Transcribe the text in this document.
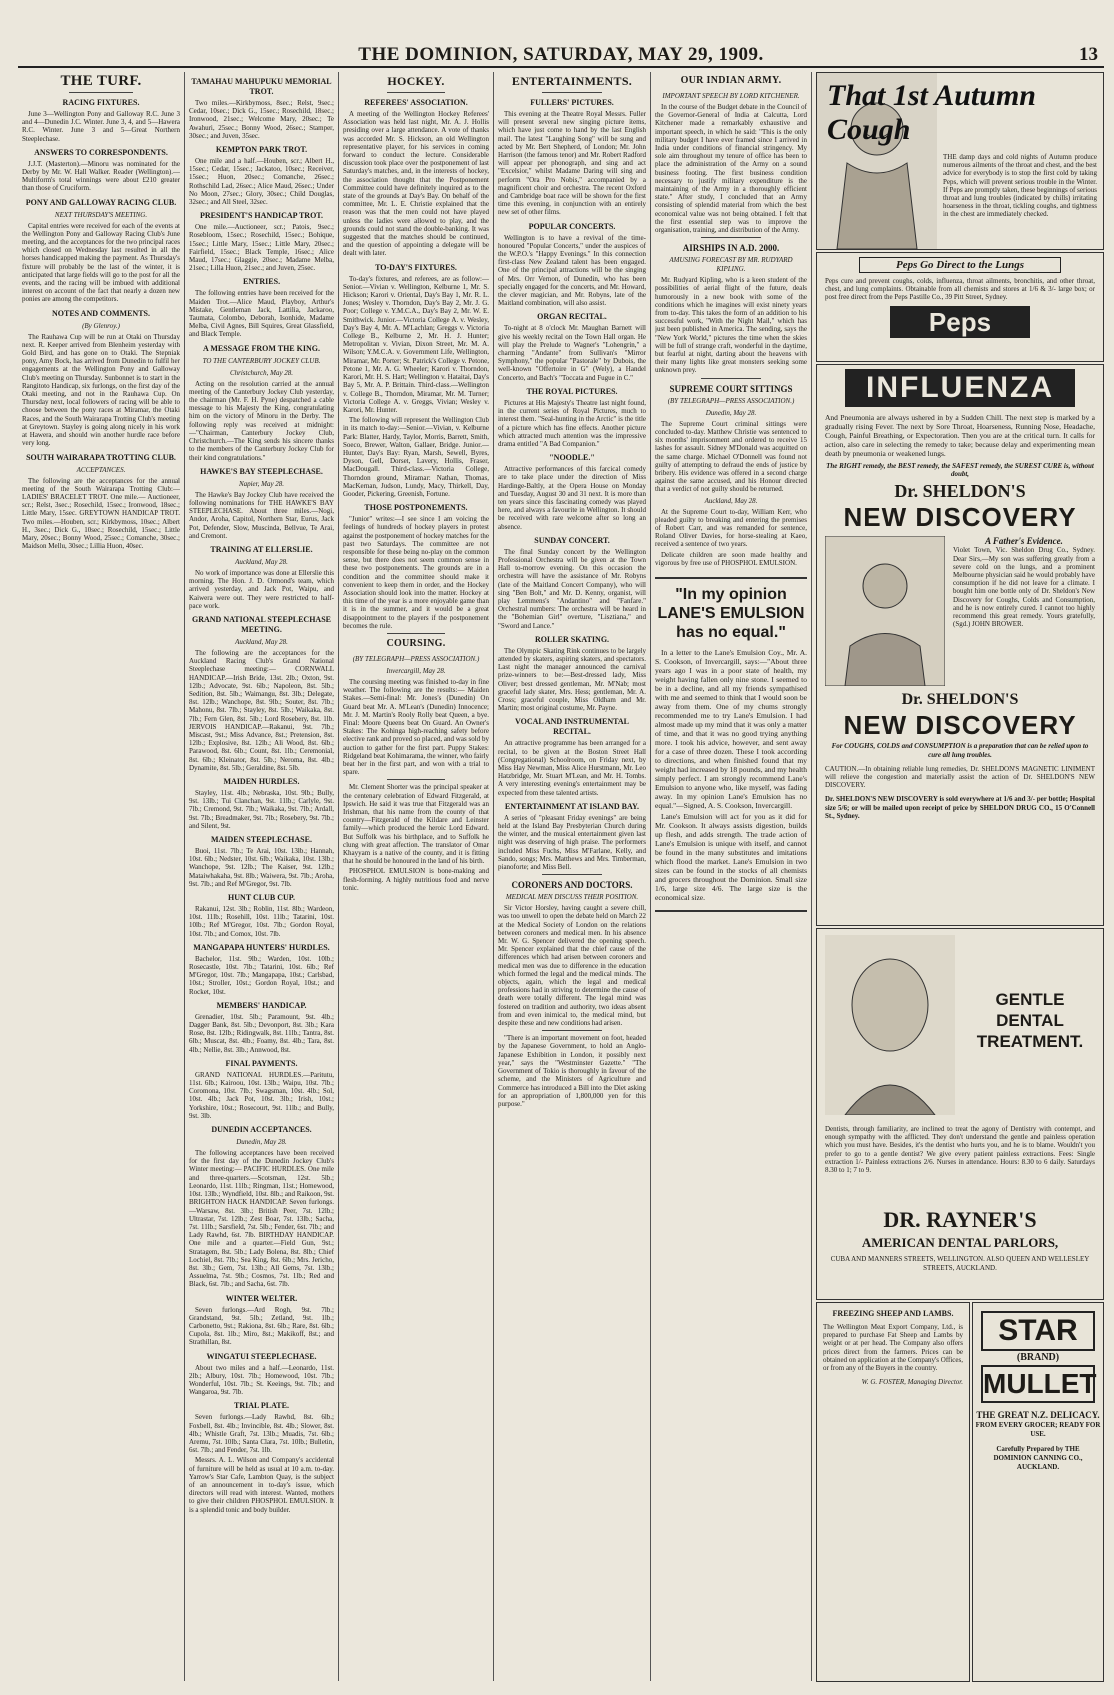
THE DOMINION, SATURDAY, MAY 29, 1909.	13
THE TURF.
RACING FIXTURES.

June 3—Wellington Pony and Galloway R.C. June 3 and 4—Dunedin J.C. Winter. June 3, 4, and 5—Hawera R.C. Winter. June 3 and 5—Great Northern Steeplechase.

ANSWERS TO CORRESPONDENTS.

J.J.T. (Masterton).—Minoru was nominated for the Derby by Mr. W. Hall Walker. Reader (Wellington).—Multiform's total winnings were about £210 greater than those of Cruciform.

PONY AND GALLOWAY RACING CLUB.
NEXT THURSDAY'S MEETING.

Capital entries were received for each of the events at the Wellington Pony and Galloway Racing Club's June meeting, and the acceptances for the two principal races which closed on Wednesday last resulted in all the horses handicapped making the payment. As Thursday's fixture will probably be the last of the winter, it is anticipated that large fields will go to the post for all the events, and the racing will be imbued with additional interest on account of the fact that nearly a dozen new ponies are among the competitors.

NOTES AND COMMENTS.
(By Glenroy.)

The Rauhawa Cup will be run at Otaki on Thursday next. R. Keeper arrived from Blenheim yesterday with Gold Bird, and has gone on to Otaki. The Stepniak pony, Amy Bock, has arrived from Dunedin to fulfil her engagements at the Wellington Pony and Galloway Club's meeting on Thursday. Sunbonnet is to start in the Rangitoto Handicap, six furlongs, on the first day of the Otaki meeting, and not in the Rauhawa Cup. On Thursday next, local followers of racing will be able to choose between the pony races at Miramar, the Otaki Races, and the South Wairarapa Trotting Club's meeting at Greytown. Stayley is going along nicely in his work at Hawera, and should win another hurdle race before very long.

SOUTH WAIRARAPA TROTTING CLUB.
ACCEPTANCES.

The following are the acceptances for the annual meeting of the South Wairarapa Trotting Club:— LADIES' BRACELET TROT. One mile.— Auctioneer, scr.; Relst, 3sec.; Rosechild, 15sec.; Ironwood, 18sec.; Little Mary, 15sec. GREYTOWN HANDICAP TROT. Two miles.—Houben, scr.; Kirkbymoss, 10sec.; Albert H., 3sec.; Dick G., 10sec.; Rosechild, 15sec.; Little Mary, 20sec.; Bonny Wood, 25sec.; Comanche, 30sec.; Maidson Mellu, 30sec.; Lillia Huon, 40sec.

TAMAHAU MAHUPUKU MEMORIAL TROT.

Two miles.—Kirkbymoss, 8sec.; Relst, 9sec.; Cedar, 10sec.; Dick G., 15sec.; Rosechild, 18sec.; Ironwood, 21sec.; Welcome Mary, 20sec.; Te Awahuri, 25sec.; Bonny Wood, 26sec.; Stamper, 30sec.; and Juven, 35sec.

KEMPTON PARK TROT.

One mile and a half.—Houben, scr.; Albert H., 15sec.; Cedar, 15sec.; Jackatoo, 10sec.; Receiver, 15sec.; Huon, 20sec.; Comanche, 26sec.; Rothschild Lad, 26sec.; Alice Maud, 26sec.; Under No Moon, 27sec.; Glory, 30sec.; Child Douglas, 32sec.; and All Steel, 32sec.

PRESIDENT'S HANDICAP TROT.

One mile.—Auctioneer, scr.; Patois, 9sec.; Rosebloom, 15sec.; Rosechild, 15sec.; Bohique, 15sec.; Little Mary, 15sec.; Little Mary, 20sec.; Fairfield, 15sec.; Black Temple, 16sec.; Alice Maud, 17sec.; Glaggie, 20sec.; Madame Melba, 21sec.; Lilla Huon, 21sec.; and Juven, 25sec.

ENTRIES.

The following entries have been received for the Maiden Trot.—Alice Maud, Playboy, Arthur's Mistake, Gentleman Jack, Lattilia, Jackaroo, Taumata, Colombo, Deborah, Isonhide, Madame Melba, Civil Agnes, Bill Squires, Great Glassfield, and Black Temple.

A MESSAGE FROM THE KING.
TO THE CANTERBURY JOCKEY CLUB.
Christchurch, May 28.

Acting on the resolution carried at the annual meeting of the Canterbury Jockey Club yesterday, the chairman (Mr. F. H. Pyne) despatched a cable message to his Majesty the King, congratulating him on the victory of Minoru in the Derby. The following reply was received at midnight:—"Chairman, Canterbury Jockey Club, Christchurch.—The King sends his sincere thanks to the members of the Canterbury Jockey Club for their kind congratulations."

HAWKE'S BAY STEEPLECHASE.
Napier, May 28.

The Hawke's Bay Jockey Club have received the following nominations for THE HAWKE'S BAY STEEPLECHASE. About three miles.—Nogi, Andor, Aroha, Capitol, Northern Star, Eurus, Jack Pot, Defender, Slow, Muscinda, Bellvue, Te Arai, and Cremont.

TRAINING AT ELLERSLIE.
Auckland, May 28.

No work of importance was done at Ellerslie this morning. The Hon. J. D. Ormond's team, which arrived yesterday, and Jack Pot, Waipu, and Kaiwera were out. They were restricted to half-pace work.

GRAND NATIONAL STEEPLECHASE MEETING.
Auckland, May 28.

The following are the acceptances for the Auckland Racing Club's Grand National Steeplechase meeting:— CORNWALL HANDICAP.—Irish Bride, 13st. 2lb.; Oxton, 9st. 12lb.; Advocate, 9st. 6lb.; Napoleon, 8st. 5lb.; Sedition, 8st. 5lb.; Waimangu, 8st. 3lb.; Delegate, 8st. 12lb.; Wanchope, 8st. 9lb.; Souter, 8st. 7lb.; Mahonu, 8st. 7lb.; Stayley, 8st. 5lb.; Waikaka, 8st. 7lb.; Fern Glen, 8st. 5lb.; Lord Rosebery, 8st. 1lb. JERVOIS HANDICAP.—Rakanui, 9st. 7lb.; Miscast, 9st.; Miss Advance, 8st.; Pretension, 8st. 12lb.; Explosive, 8st. 12lb.; Ali Wood, 8st. 6lb.; Parawood, 8st. 6lb.; Count, 8st. 1lb.; Ceremonial, 8st. 6lb.; Kleinator, 8st. 5lb.; Neroma, 8st. 4lb.; Dynamite, 8st. 5lb.; Geraldine, 8st. 5lb.

MAIDEN HURDLES.

Stayley, 11st. 4lb.; Nebraska, 10st. 9lb.; Bully, 9st. 13lb.; Tui Clanchan, 9st. 11lb.; Carlyle, 9st. 7lb.; Cremond, 9st. 7lb.; Waikaka, 9st. 7lb.; Ardall, 9st. 7lb.; Breadmaker, 9st. 7lb.; Rosebery, 9st. 7lb.; and Silent, 9st.

MAIDEN STEEPLECHASE.

Buoi, 11st. 7lb.; Te Arai, 10st. 13lb.; Hannah, 10st. 6lb.; Nedster, 10st. 6lb.; Waikaka, 10st. 13lb.; Wanchope, 9st. 12lb.; The Kaiser, 9st. 12lb.; Mataiwhakaha, 9st. 8lb.; Waiwera, 9st. 7lb.; Aroha, 9st. 7lb.; and Ref M'Gregor, 9st. 7lb.

HUNT CLUB CUP.

Rakanui, 12st. 3lb.; Roblin, 11st. 8lb.; Wardeon, 10st. 11lb.; Rosehill, 10st. 11lb.; Tatarini, 10st. 10lb.; Ref M'Gregor, 10st. 7lb.; Gordon Royal, 10st. 7lb.; and Comox, 10st. 7lb.

MANGAPAPA HUNTERS' HURDLES.

Bachelor, 11st. 9lb.; Warden, 10st. 10lb.; Rosecastle, 10st. 7lb.; Tatarini, 10st. 6lb.; Ref M'Gregor, 10st. 7lb.; Mangapapa, 10st.; Carlsbad, 10st.; Stroller, 10st.; Gordon Royal, 10st.; and Rocket, 10st.

MEMBERS' HANDICAP.

Grenadier, 10st. 5lb.; Paramount, 9st. 4lb.; Dagger Bank, 8st. 5lb.; Devonport, 8st. 3lb.; Kara Rose, 8st. 12lb.; Ridingwalk, 8st. 11lb.; Tantra, 8st. 6lb.; Muscat, 8st. 4lb.; Foamy, 8st. 4lb.; Tara, 8st. 4lb.; Nellie, 8st. 3lb.; Annwood, 8st.

FINAL PAYMENTS.

GRAND NATIONAL HURDLES.—Paritutu, 11st. 6lb.; Kairoou, 10st. 13lb.; Waipu, 10st. 7lb.; Coromona, 10st. 7lb.; Swagsman, 10st. 4lb.; Sol, 10st. 4lb.; Jack Pot, 10st. 3lb.; Irish, 10st.; Yorkshire, 10st.; Rosecourt, 9st. 11lb.; and Bully, 9st. 3lb.

DUNEDIN ACCEPTANCES.
Dunedin, May 28.

The following acceptances have been received for the first day of the Dunedin Jockey Club's Winter meeting:— PACIFIC HURDLES. One mile and three-quarters.—Scotsman, 12st. 5lb.; Leonardo, 11st. 11lb.; Ringman, 11st.; Homewood, 10st. 13lb.; Wyndfield, 10st. 8lb.; and Raikoon, 9st. BRIGHTON HACK HANDICAP. Seven furlongs.—Warsaw, 8st. 3lb.; British Peer, 7st. 12lb.; Ultrastar, 7st. 12lb.; Zest Boar, 7st. 13lb.; Sacha, 7st. 11lb.; Sarsfield, 7st. 5lb.; Fender, 6st. 7lb.; and Lady Rawhd, 6st. 7lb. BIRTHDAY HANDICAP. One mile and a quarter.—Field Gun, 9st.; Stratagem, 8st. 5lb.; Lady Bolena, 8st. 8lb.; Chief Lochiel, 8st. 7lb.; Sea King, 8st. 6lb.; Mrs. Jericho, 8st. 3lb.; Gem, 7st. 13lb.; All Gems, 7st. 13lb.; Assuelma, 7st. 9lb.; Cosmos, 7st. 1lb.; Red and Black, 6st. 7lb.; and Sacha, 6st. 7lb.

WINTER WELTER.

Seven furlongs.—Ard Rogh, 9st. 7lb.; Grandstand, 9st. 5lb.; Zetland, 9st. 1lb.; Carbonetto, 9st.; Rakiona, 8st. 6lb.; Rare, 8st. 6lb.; Cupola, 8st. 1lb.; Miro, 8st.; Makikoff, 8st.; and Strathillan, 8st.

WINGATUI STEEPLECHASE.

About two miles and a half.—Leonardo, 11st. 2lb.; Albury, 10st. 7lb.; Homewood, 10st. 7lb.; Wonderful, 10st. 7lb.; St. Keeings, 9st. 7lb.; and Wangaroa, 9st. 7lb.

TRIAL PLATE.

Seven furlongs.—Lady Rawhd, 8st. 6lb.; Foxbell, 8st. 4lb.; Invincible, 8st. 4lb.; Slower, 8st. 4lb.; Whistle Graft, 7st. 13lb.; Muadis, 7st. 6lb.; Aremu, 7st. 10lb.; Santa Clara, 7st. 10lb.; Bulletin, 6st. 7lb.; and Fender, 7st. 1lb.

Messrs. A. L. Wilson and Company's accidental of furniture will be held as usual at 10 a.m. to-day. Yarrow's Star Cafe, Lambton Quay, is the subject of an announcement in to-day's issue, which directors will read with interest. Wanted, mothers to give their children PHOSPHOL EMULSION. It is a splendid tonic and body builder.

HOCKEY.
REFEREES' ASSOCIATION.

A meeting of the Wellington Hockey Referees' Association was held last night, Mr. A. J. Hollis presiding over a large attendance. A vote of thanks was accorded Mr. S. Hickson, an old Wellington representative player, for his services in coming forward to conduct the lecture. Considerable discussion took place over the postponement of last Saturday's matches, and, in the interests of hockey, the association thought that the Postponement Committee could have definitely inquired as to the state of the grounds at Day's Bay. On behalf of the committee, Mr. L. E. Christie explained that the reason was that the men could not have played unless the ladies were allowed to play, and the grounds could not stand the double-banking. It was suggested that the matches should be continued, and the question of appointing a delegate will be dealt with later.

TO-DAY'S FIXTURES.

To-day's fixtures, and referees, are as follow:— Senior.—Vivian v. Wellington, Kelburne 1, Mr. S. Hickson; Karori v. Oriental, Day's Bay 1, Mr. R. L. Jones; Wesley v. Thorndon, Day's Bay 2, Mr. J. G. Poor; College v. Y.M.C.A., Day's Bay 2, Mr. W. E. Smithwick. Junior.—Victoria College A. v. Wesley, Day's Bay 4, Mr. A. M'Lachlan; Greggs v. Victoria College B., Kelburne 2, Mr. H. J. Hunter; Metropolitan v. Vivian, Dixon Street, Mr. M. A. Wilson; Y.M.C.A. v. Government Life, Wellington, Miramar, Mr. Porter; St. Patrick's College v. Petone, Petone 1, Mr. A. G. Wheeler; Karori v. Thorndon, Karori, Mr. H. S. Hart; Wellington v. Hataitai, Day's Bay 5, Mr. A. P. Brittain. Third-class.—Wellington v. College B., Thorndon, Miramar, Mr. M. Turner; Victoria College A. v. Greggs, Vivian; Wesley v. Karori, Mr. Hunter.

The following will represent the Wellington Club in its match to-day:—Senior.—Vivian, v. Kelburne Park: Blatter, Hardy, Taylor, Morris, Barrett, Smith, Soeco, Brewer, Walton, Gallaer, Bridge. Junior.—Hunter, Day's Bay: Ryan, Marsh, Sewell, Byres, Dyson, Gell, Dorset, Lavery, Hollis, Fraser, MacDougall. Third-class.—Victoria College, Thorndon ground, Miramar: Nathan, Thomas, MacKernan, Judson, Lundy, Macy, Thirkell, Day, Gooder, Pickering, Greenish, Fortune.

THOSE POSTPONEMENTS.

"Junior" writes:—I see since I am voicing the feelings of hundreds of hockey players in protest against the postponement of hockey matches for the past two Saturdays. The committee are not responsible for these being no-play on the common sense, but there does not seem common sense in these two postponements. The grounds are in a condition and the committee should make it convenient to keep them in order, and the Hockey Association should look into the matter. Hockey at this time of the year is a more enjoyable game than it is in the summer, and it would be a great disappointment to the players if the postponement becomes the rule.

COURSING.
(BY TELEGRAPH—PRESS ASSOCIATION.)
Invercargill, May 28.

The coursing meeting was finished to-day in fine weather. The following are the results:— Maiden Stakes.—Semi-final: Mr. Jones's (Dunedin) On Guard beat Mr. A. M'Lean's (Dunedin) Innocence; Mr. J. M. Martin's Rooly Rolly beat Queen, a bye. Final: Moore Queens beat On Guard. An Owner's Stakes: The Kohinga high-reaching safety before elective rank and proved so placed, and was sold by auction to gather for the first part. Puppy Stakes: Ridgeland beat Kohimarama, the winner, who fairly beat her in the first part, and won with a trial to spare.

Mr. Clement Shorter was the principal speaker at the centenary celebration of Edward Fitzgerald, at Ipswich. He said it was true that Fitzgerald was an Irishman, that his name from the county of that country—Fitzgerald of the Kildare and Leinster family—which produced the heroic Lord Edward. But Suffolk was his birthplace, and to Suffolk he clung with great affection. The translator of Omar Khayyam is a native of the county, and it is fitting that he should be honoured in the land of his birth.

PHOSPHOL EMULSION is bone-making and flesh-forming. A highly nutritious food and nerve tonic.

ENTERTAINMENTS.
FULLERS' PICTURES.

This evening at the Theatre Royal Messrs. Fuller will present several new singing picture items, which have just come to hand by the last English mail. The latest "Laughing Song" will be sung and acted by Mr. Bert Shepherd, of London; Mr. John Harrison (the famous tenor) and Mr. Robert Radford will appear per phonograph, and sing and act "Excelsior," whilst Madame Daring will sing and perform "Ora Pro Nobis," accompanied by a magnificent choir and orchestra. The recent Oxford and Cambridge boat race will be shown for the first time this evening, in conjunction with an entirely new set of other films.

POPULAR CONCERTS.

Wellington is to have a revival of the time-honoured "Popular Concerts," under the auspices of the W.P.O.'s "Happy Evenings." In this connection first-class New Zealand talent has been engaged. One of the principal attractions will be the singing of Mrs. Orr Vernon, of Dunedin, who has been specially engaged for the concerts, and Mr. Howard, the clever magician, and Mr. Robyns, late of the Maitland combination, will also assist.

ORGAN RECITAL.

To-night at 8 o'clock Mr. Maughan Barnett will give his weekly recital on the Town Hall organ. He will play the Prelude to Wagner's "Lohengrin," a charming "Andante" from Sullivan's "Mirror Symphony," the popular "Pastorale" by Dubois, the well-known "Offertoire in G" (Wely), a Handel Concerto, and Bach's "Toccata and Fugue in C."

THE ROYAL PICTURES.

Pictures at His Majesty's Theatre last night found, in the current series of Royal Pictures, much to interest them. "Seal-hunting in the Arctic" is the title of a picture which has fine effects. Another picture which attracted much attention was the impressive drama entitled "A Bad Companion."

"NOODLE."

Attractive performances of this farcical comedy are to take place under the direction of Miss Hardinge-Baltly, at the Opera House on Monday and Tuesday, August 30 and 31 next. It is more than ten years since this fascinating comedy was played here, and always a favourite in Wellington. It should be received with rare welcome after so long an absence.

SUNDAY CONCERT.

The final Sunday concert by the Wellington Professional Orchestra will be given at the Town Hall to-morrow evening. On this occasion the orchestra will have the assistance of Mr. Robyns (late of the Maitland Concert Company), who will sing "Ben Bolt," and Mr. D. Kenny, organist, will play Lemmens's "Andantino" and "Fanfare." Orchestral numbers: The orchestra will be heard in the "Bohemian Girl" overture, "Lisztiana," and "Sword and Lance."

ROLLER SKATING.

The Olympic Skating Rink continues to be largely attended by skaters, aspiring skaters, and spectators. Last night the manager announced the carnival prize-winners to be:—Best-dressed lady, Miss Oliver; best dressed gentleman, Mr. M'Nab; most graceful lady skater, Mrs. Hess; gentleman, Mr. A. Cross; graceful couple, Miss Oldham and Mr. Martin; most original costume, Mr. Payne.

VOCAL AND INSTRUMENTAL RECITAL.

An attractive programme has been arranged for a recital, to be given at the Boston Street Hall (Congregational) Schoolroom, on Friday next, by Miss Hay Newman, Miss Alice Hurstmann, Mr. Leo Hatzbridge, Mr. Stuart M'Lean, and Mr. H. Tombs. A very interesting evening's entertainment may be expected from these talented artists.

ENTERTAINMENT AT ISLAND BAY.

A series of "pleasant Friday evenings" are being held at the Island Bay Presbyterian Church during the winter, and the musical entertainment given last night was deserving of high praise. The performers included Miss Fuchs, Miss M'Farlane, Kelly, and Sando, songs; Mrs. Matthews and Mrs. Timberman, pianoforte; and Miss Bell.

CORONERS AND DOCTORS.
MEDICAL MEN DISCUSS THEIR POSITION.

Sir Victor Horsley, having caught a severe chill, was too unwell to open the debate held on March 22 at the Medical Society of London on the relations between coroners and medical men. In his absence Mr. W. G. Spencer delivered the opening speech. Mr. Spencer explained that the chief cause of the differences which had arisen between coroners and medical men was due to difference in the education which formed the legal and the medical minds. The objects, again, which the legal and medical professions had in striving to determine the cause of death were totally different. The legal mind was fostered on tradition and authority, two ideas absent from and even inimical to, the medical mind, but despite these and new conditions had arisen.

"There is an important movement on foot, headed by the Japanese Government, to hold an Anglo-Japanese Exhibition in London, it possibly next year," says the "Westminster Gazette." "The Government of Tokio is thoroughly in favour of the scheme, and the Ministers of Agriculture and Commerce has introduced a Bill into the Diet asking for an appropriation of 1,800,000 yen for this purpose."

OUR INDIAN ARMY.
IMPORTANT SPEECH BY LORD KITCHENER.

In the course of the Budget debate in the Council of the Governor-General of India at Calcutta, Lord Kitchener made a remarkably exhaustive and important speech, in which he said: "This is the only military budget I have ever framed since I arrived in India under conditions of financial stringency. My sole aim throughout my tenure of office has been to place the administration of the Army on a sound business footing. The first business condition necessary to justify military expenditure is the maintaining of the Army in a thoroughly efficient state." After study, I concluded that an Army consisting of splendid material from which the best economical value was not being obtained. I felt that the first essential step was to improve the organisation, training, and distribution of the Army.

AIRSHIPS IN A.D. 2000.
AMUSING FORECAST BY MR. RUDYARD KIPLING.

Mr. Rudyard Kipling, who is a keen student of the possibilities of aerial flight of the future, deals humorously in a new book with some of the conditions which he imagines will exist ninety years from to-day. This takes the form of an addition to his successful work, "With the Night Mail," which has just been published in America. The sending, says the "New York World," pictures the time when the skies will be full of strange craft, wonderful in the daytime, but fearful at night, darting about the heavens with their many lights like great monsters seeking some unknown prey.

SUPREME COURT SITTINGS
(BY TELEGRAPH—PRESS ASSOCIATION.)
Dunedin, May 28.

The Supreme Court criminal sittings were concluded to-day. Matthew Christie was sentenced to six months' imprisonment and ordered to receive 15 lashes for assault. Sidney M'Donald was acquitted on the same charge. Michael O'Donnell was found not guilty of attempting to defraud the ends of justice by bribery. His evidence was offered in a second charge against the same accused, and his Honour directed that a verdict of not guilty should be returned.

Auckland, May 28.

At the Supreme Court to-day, William Kerr, who pleaded guilty to breaking and entering the premises of Robert Carr, and was remanded for sentence, Roland Oliver Davies, for horse-stealing at Kaeo, received a sentence of two years.

Delicate children are soon made healthy and vigorous by free use of PHOSPHOL EMULSION.

"In my opinion LANE'S EMULSION has no equal."

In a letter to the Lane's Emulsion Coy., Mr. A. S. Cookson, of Invercargill, says:—"About three years ago I was in a poor state of health, my weight having fallen only nine stone. I seemed to be in a decline, and all my friends sympathised with me and seemed to think that I would soon be away from them. One of my chums strongly recommended me to try Lane's Emulsion. I had almost made up my mind that it was only a matter of time, and that it was no good trying anything more. I took his advice, however, and sent away for a case of three dozen. These I took according to directions, and when finished found that my weight had increased by 18 pounds, and my health simply perfect. I am strongly recommend Lane's Emulsion to anyone who, like myself, was fading away. In my opinion Lane's Emulsion has no equal."—Signed, A. S. Cookson, Invercargill.

Lane's Emulsion will act for you as it did for Mr. Cookson. It always assists digestion, builds up flesh, and adds strength. The trade action of Lane's Emulsion is unique with itself, and cannot be found in the many substitutes and imitations which flood the market. Lane's Emulsion in two sizes can be found in the stocks of all chemists and grocers throughout the Dominion. Small size 1/6, large size 4/6. The large size is the economical size.

That 1st Autumn Cough

THE damp days and cold nights of Autumn produce numerous ailments of the throat and chest, and the best advice for everybody is to stop the first cold by taking Peps, which will prevent serious trouble in the Winter. If Peps are promptly taken, these beginnings of serious throat and lung troubles (indicated by chills) irritating hoarseness in the throat, tickling coughs, and tightness in the chest are immediately checked.

Peps Go Direct to the Lungs

Peps cure and prevent coughs, colds, influenza, throat ailments, bronchitis, and other throat, chest, and lung complaints. Obtainable from all chemists and stores at 1/6 & 3/- large box; or post free direct from the Peps Pastille Co., 39 Pitt Street, Sydney.

Peps
INFLUENZA

And Pneumonia are always ushered in by a Sudden Chill. The next step is marked by a gradually rising Fever. The next by Sore Throat, Hoarseness, Running Nose, Headache, Cough, Painful Breathing, or Expectoration. Then you are at the critical turn. It calls for action, also care in selecting the remedy to take; because delay and experimenting mean death by pneumonia or weakened lungs.

The RIGHT remedy, the BEST remedy, the SAFEST remedy, the SUREST CURE is, without doubt,

Dr. SHELDON'S
NEW DISCOVERY
A Father's Evidence.

Violet Town, Vic. Sheldon Drug Co., Sydney. Dear Sirs,—My son was suffering greatly from a severe cold on the lungs, and a prominent Melbourne physician said he would probably have consumption if he did not leave for a climate. I bought him one bottle only of Dr. Sheldon's New Discovery for Coughs, Colds and Consumption, and he is now entirely cured. I cannot too highly recommend this great remedy. Yours gratefully, (Sgd.) JOHN BROWER.

Dr. SHELDON'S
NEW DISCOVERY

For COUGHS, COLDS and CONSUMPTION is a preparation that can be relied upon to cure all lung troubles.

CAUTION.—In obtaining reliable lung remedies, Dr. SHELDON'S MAGNETIC LINIMENT will relieve the congestion and materially assist the action of Dr. SHELDON'S NEW DISCOVERY.

Dr. SHELDON'S NEW DISCOVERY is sold everywhere at 1/6 and 3/- per bottle; Hospital size 5/6; or will be mailed upon receipt of price by SHELDON DRUG CO., 15 O'Connell St., Sydney.

GENTLE DENTAL TREATMENT.

Dentists, through familiarity, are inclined to treat the agony of Dentistry with contempt, and enough sympathy with the afflicted. They don't understand the gentle and painless operation which you must have. Besides, it's the dentist who hurts you, and he is to blame. Wouldn't you prefer to go to a gentle dentist? We give every patient painless extractions. Fees: Single extraction 1/- Painless extractions 2/6. Nurses in attendance. Hours: 8.30 to 6 daily. Saturdays 8.30 to 1; 7 to 9.

DR. RAYNER'S
AMERICAN DENTAL PARLORS,
CUBA AND MANNERS STREETS, WELLINGTON. ALSO QUEEN AND WELLESLEY STREETS, AUCKLAND.
FREEZING SHEEP AND LAMBS.

The Wellington Meat Export Company, Ltd., is prepared to purchase Fat Sheep and Lambs by weight or at per head. The Company also offers prices direct from the farmers. Prices can be obtained on application at the Company's Offices, or from any of the Buyers in the country.

W. G. FOSTER, Managing Director.

STAR
(BRAND)
MULLET
THE GREAT N.Z. DELICACY.
FROM EVERY GROCER; READY FOR USE.
Carefully Prepared by THE DOMINION CANNING CO., AUCKLAND.
